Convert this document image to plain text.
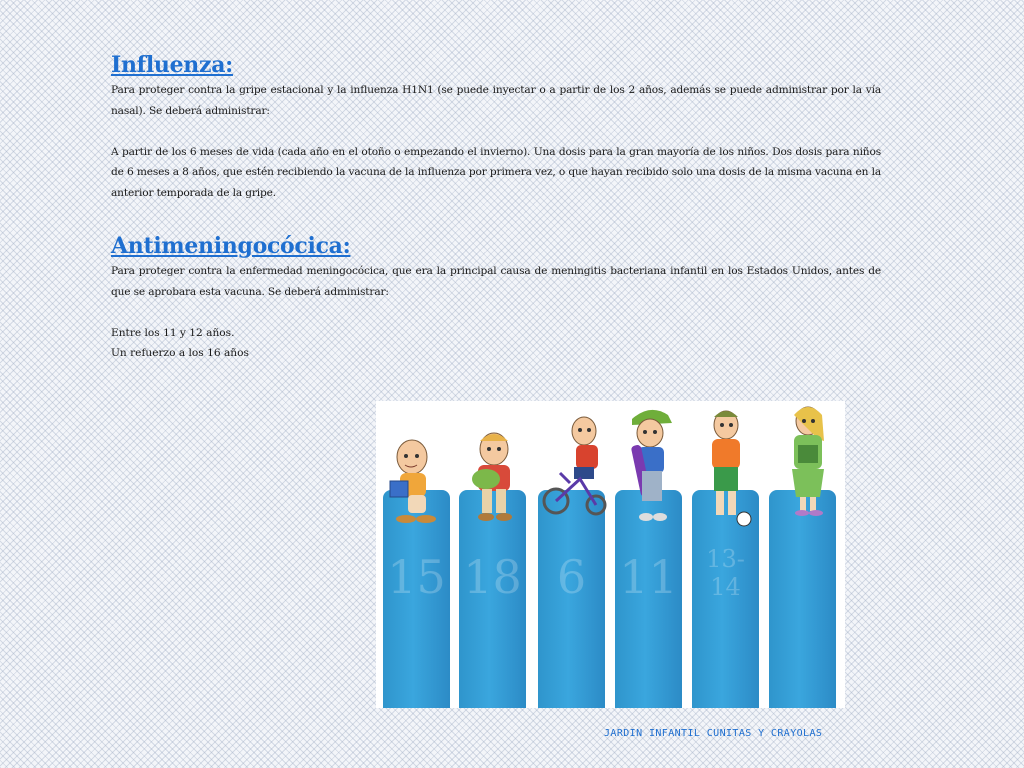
Influenza:

Para proteger contra la gripe estacional y la influenza H1N1 (se puede inyectar o a partir de los 2 años, además se puede administrar por la vía nasal). Se deberá administrar:

A partir de los 6 meses de vida (cada año en el otoño o empezando el invierno). Una dosis para la gran mayoría de los niños. Dos dosis para niños de 6 meses a 8 años, que estén recibiendo la vacuna de la influenza por primera vez, o que hayan recibido solo una dosis de la misma vacuna en la anterior temporada de la gripe.

Antimeningocócica:

Para proteger contra la enfermedad meningocócica, que era la principal causa de meningitis bacteriana infantil en los Estados Unidos, antes de que se aprobara esta vacuna. Se deberá administrar:

Entre los 11 y 12 años.

Un refuerzo a los 16 años

15 18 6 11	13-14
JARDIN INFANTIL CUNITAS Y CRAYOLAS
